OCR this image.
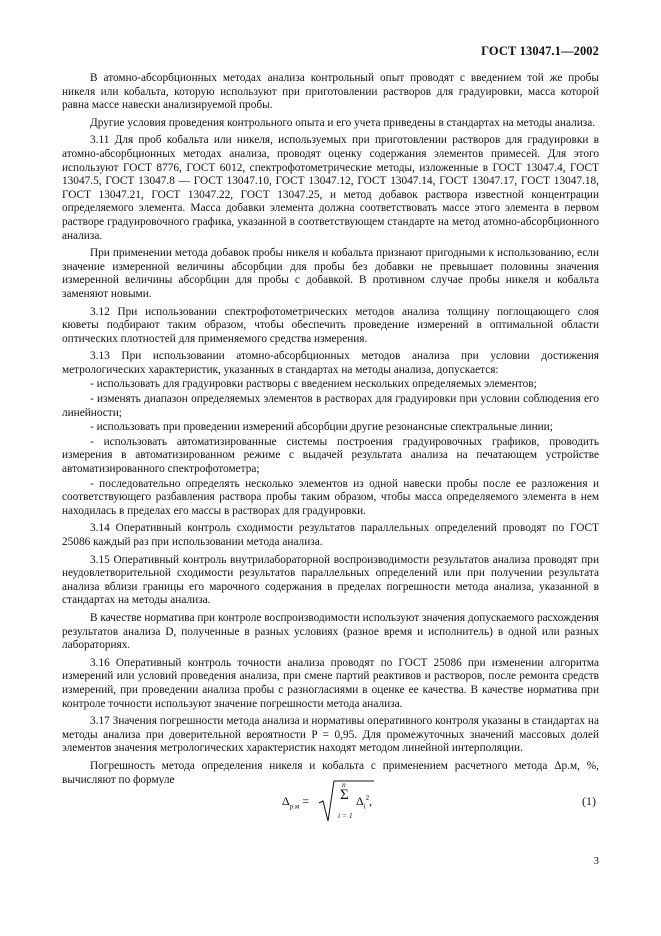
ГОСТ 13047.1—2002

В атомно-абсорбционных методах анализа контрольный опыт проводят с введением той же пробы никеля или кобальта, которую используют при приготовлении растворов для градуировки, масса которой равна массе навески анализируемой пробы.

Другие условия проведения контрольного опыта и его учета приведены в стандартах на методы анализа.

3.11 Для проб кобальта или никеля, используемых при приготовлении растворов для градуировки в атомно-абсорбционных методах анализа, проводят оценку содержания элементов примесей. Для этого используют ГОСТ 8776, ГОСТ 6012, спектрофотометрические методы, изложенные в ГОСТ 13047.4, ГОСТ 13047.5, ГОСТ 13047.8 — ГОСТ 13047.10, ГОСТ 13047.12, ГОСТ 13047.14, ГОСТ 13047.17, ГОСТ 13047.18, ГОСТ 13047.21, ГОСТ 13047.22, ГОСТ 13047.25, и метод добавок раствора известной концентрации определяемого элемента. Масса добавки элемента должна соответствовать массе этого элемента в первом растворе градуировочного графика, указанной в соответствующем стандарте на метод атомно-абсорбционного анализа.

При применении метода добавок пробы никеля и кобальта признают пригодными к использованию, если значение измеренной величины абсорбции для пробы без добавки не превышает половины значения измеренной величины абсорбции для пробы с добавкой. В противном случае пробы никеля и кобальта заменяют новыми.

3.12 При использовании спектрофотометрических методов анализа толщину поглощающего слоя кюветы подбирают таким образом, чтобы обеспечить проведение измерений в оптимальной области оптических плотностей для применяемого средства измерения.

3.13 При использовании атомно-абсорбционных методов анализа при условии достижения метрологических характеристик, указанных в стандартах на методы анализа, допускается:

- использовать для градуировки растворы с введением нескольких определяемых элементов;

- изменять диапазон определяемых элементов в растворах для градуировки при условии соблюдения его линейности;

- использовать при проведении измерений абсорбции другие резонансные спектральные линии;

- использовать автоматизированные системы построения градуировочных графиков, проводить измерения в автоматизированном режиме с выдачей результата анализа на печатающем устройстве автоматизированного спектрофотометра;

- последовательно определять несколько элементов из одной навески пробы после ее разложения и соответствующего разбавления раствора пробы таким образом, чтобы масса определяемого элемента в нем находилась в пределах его массы в растворах для градуировки.

3.14 Оперативный контроль сходимости результатов параллельных определений проводят по ГОСТ 25086 каждый раз при использовании метода анализа.

3.15 Оперативный контроль внутрилабораторной воспроизводимости результатов анализа проводят при неудовлетворительной сходимости результатов параллельных определений или при получении результата анализа вблизи границы его марочного содержания в пределах погрешности метода анализа, указанной в стандартах на методы анализа.

В качестве норматива при контроле воспроизводимости используют значения допускаемого расхождения результатов анализа D, полученные в разных условиях (разное время и исполнитель) в одной или разных лабораториях.

3.16 Оперативный контроль точности анализа проводят по ГОСТ 25086 при изменении алгоритма измерений или условий проведения анализа, при смене партий реактивов и растворов, после ремонта средств измерений, при проведении анализа пробы с разногласиями в оценке ее качества. В качестве норматива при контроле точности используют значение погрешности метода анализа.

3.17 Значения погрешности метода анализа и нормативы оперативного контроля указаны в стандартах на методы анализа при доверительной вероятности P = 0,95. Для промежуточных значений массовых долей элементов значения метрологических характеристик находят методом линейной интерполяции.

Погрешность метода определения никеля и кобальта с применением расчетного метода Δр.м, %, вычисляют по формуле

$\Delta_{р.м}$ =
n
Σ
i = 1
$\Delta_i^2$,	(1)
3
